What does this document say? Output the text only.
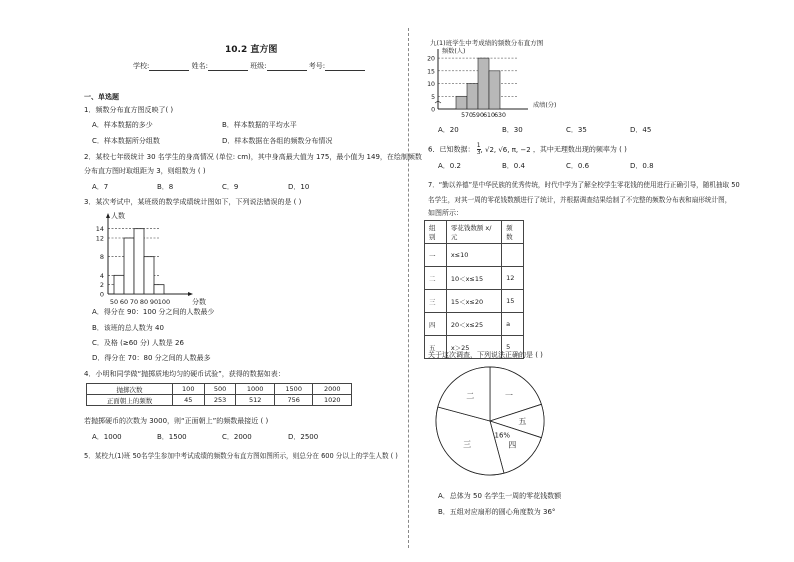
10.2 直方图
学校:	姓名:	班级:	考号:
一、单选题
1．频数分布直方图反映了( )
A．样本数据的多少	B．样本数据的平均水平
C．样本数据所分组数	D．样本数据在各组的频数分布情况
2．某校七年级统计 30 名学生的身高情况 (单位: cm)，其中身高最大值为 175，最小值为 149，在绘制频数
分布直方图时取组距为 3，则组数为 ( )
A．7	B．8	C．9	D．10
3．某次考试中，某班级的数学成绩统计图如下，下列说法错误的是 ( )
人数
分数
0
2
4
8
12
14
50 60 70 80 90 100
A．得分在 90：100 分之间的人数最少
B．该班的总人数为 40
C．及格 (≥60 分) 人数是 26
D．得分在 70：80 分之间的人数最多
4．小明和同学做“抛掷质地均匀的硬币试验”，获得的数据如表：
抛掷次数	100	500	1000	1500	2000
正面朝上的频数	45	253	512	756	1020
若抛掷硬币的次数为 3000，则“正面朝上”的频数最接近 ( )
A．1000	B．1500	C．2000	D．2500
5．某校九(1)班 50名学生参加中考试成绩的频数分布直方图如图所示，则总分在 600 分以上的学生人数 ( )
九(1)班学生中考成绩的频数分布直方图
频数(人)
成绩(分)
0
5
10
15
20
570 590 610 630
A．20	B．30	C．35	D．45
6．已知数据： $\frac{1}{3}$ , √2, √6, π, −2 ，其中无理数出现的频率为 ( )
A．0.2	B．0.4	C．0.6	D．0.8
7．“勤以养德”是中华民族的优秀传统，时代中学为了解全校学生零花钱的使用进行正确引导，随机抽取 50
名学生，对其一周的零花钱数额进行了统计，并根据调查结果绘制了不完整的频数分布表和扇形统计图，
如图所示：
组别	零花钱数额 x/元	频数
一	x≤10	
二	10＜x≤15	12
三	15＜x≤20	15
四	20＜x≤25	a
五	x＞25	5
关于这次调查，下列说法正确的是 ( )
一
五
四
16%
三
二
A．总体为 50 名学生一周的零花钱数额
B．五组对应扇形的圆心角度数为 36°
